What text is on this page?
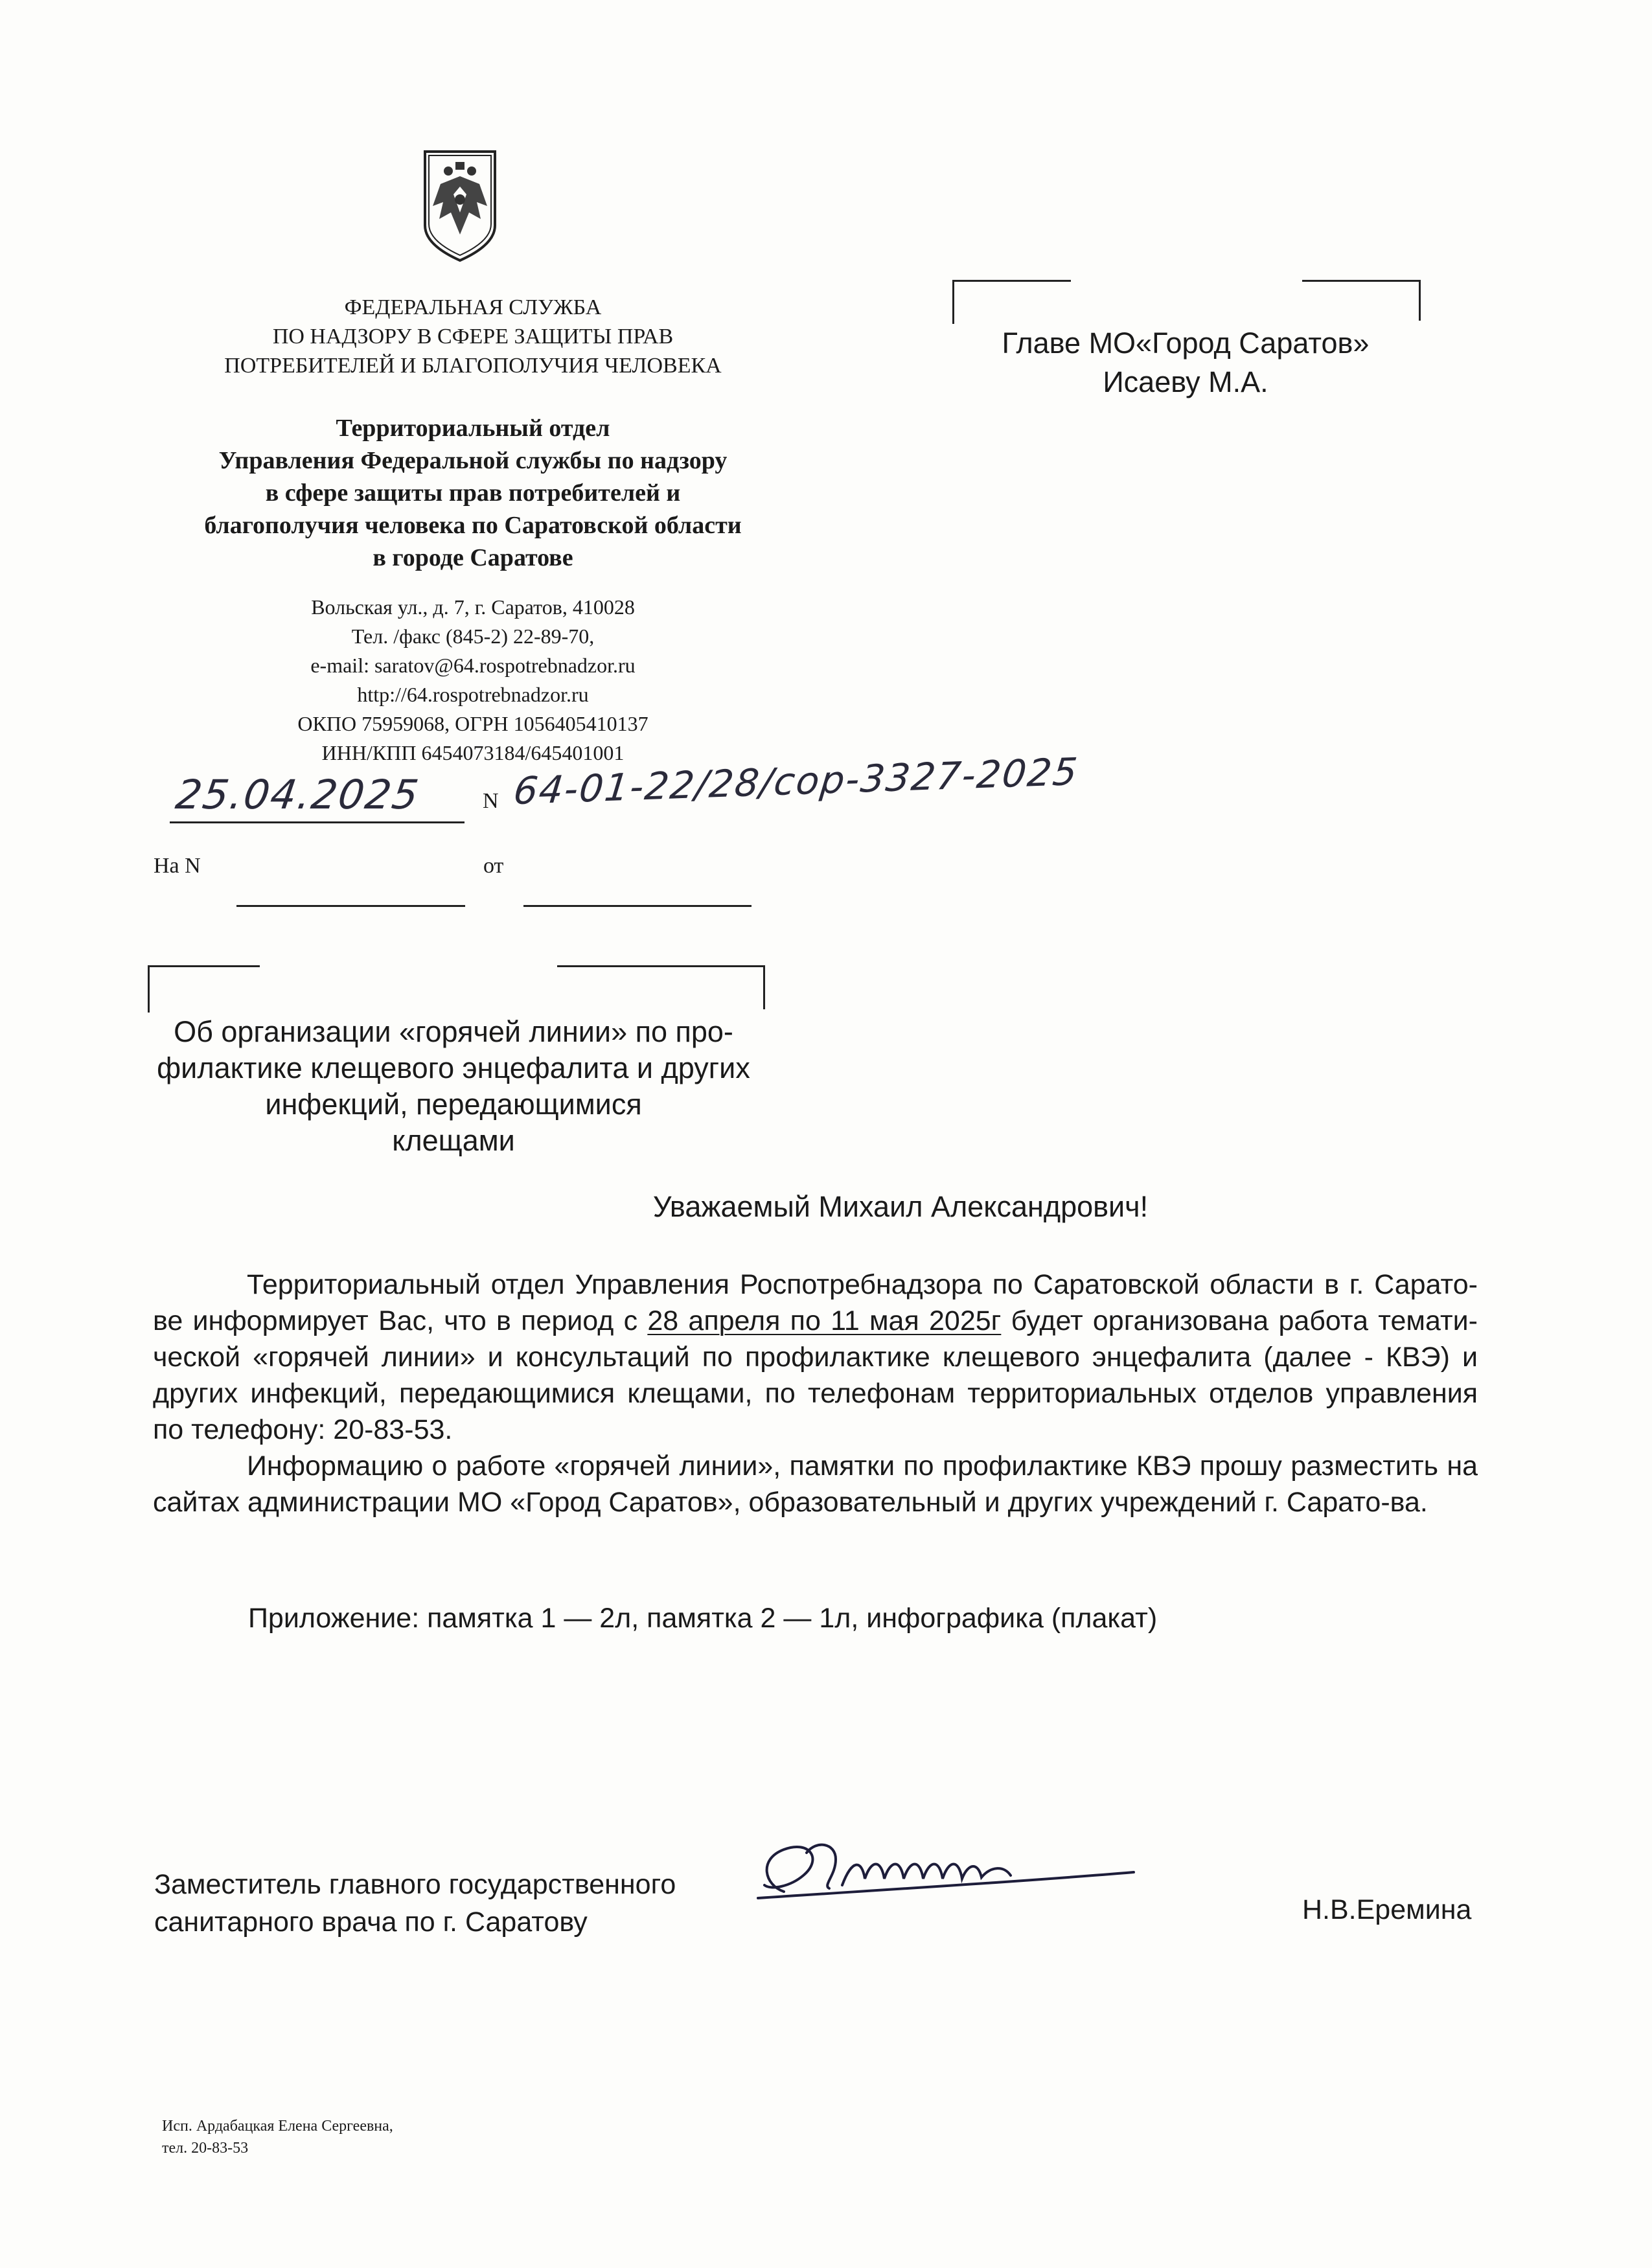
ФЕДЕРАЛЬНАЯ СЛУЖБА
ПО НАДЗОРУ В СФЕРЕ ЗАЩИТЫ ПРАВ
ПОТРЕБИТЕЛЕЙ И БЛАГОПОЛУЧИЯ ЧЕЛОВЕКА
Территориальный отдел
Управления Федеральной службы по надзору
в сфере защиты прав потребителей и
благополучия человека по Саратовской области
в городе Саратове
Вольская ул., д. 7, г. Саратов, 410028
Тел. /факс (845-2) 22-89-70,
e-mail: saratov@64.rospotrebnadzor.ru
http://64.rospotrebnadzor.ru
ОКПО 75959068, ОГРН 1056405410137
ИНН/КПП 6454073184/645401001
25.04.2025	N 64-01-22/28/сор-3327-2025
На N	от
Главе МО«Город Саратов»
Исаеву М.А.
Об организации «горячей линии» по про-
филактике клещевого энцефалита и других
инфекций, передающимися
клещами
Уважаемый Михаил Александрович!

Территориальный отдел Управления Роспотребнадзора по Саратовской области в г. Сарато-ве информирует Вас, что в период с 28 апреля по 11 мая 2025г будет организована работа темати-ческой «горячей линии» и консультаций по профилактике клещевого энцефалита (далее - КВЭ) и других инфекций, передающимися клещами, по телефонам территориальных отделов управления по телефону: 20-83-53.

Информацию о работе «горячей линии», памятки по профилактике КВЭ прошу разместить на сайтах администрации МО «Город Саратов», образовательный и других учреждений г. Сарато-ва.

Приложение: памятка 1 — 2л, памятка 2 — 1л, инфографика (плакат)
Заместитель главного государственного
санитарного врача по г. Саратову	Н.В.Еремина
Исп. Ардабацкая Елена Сергеевна,
тел. 20-83-53
